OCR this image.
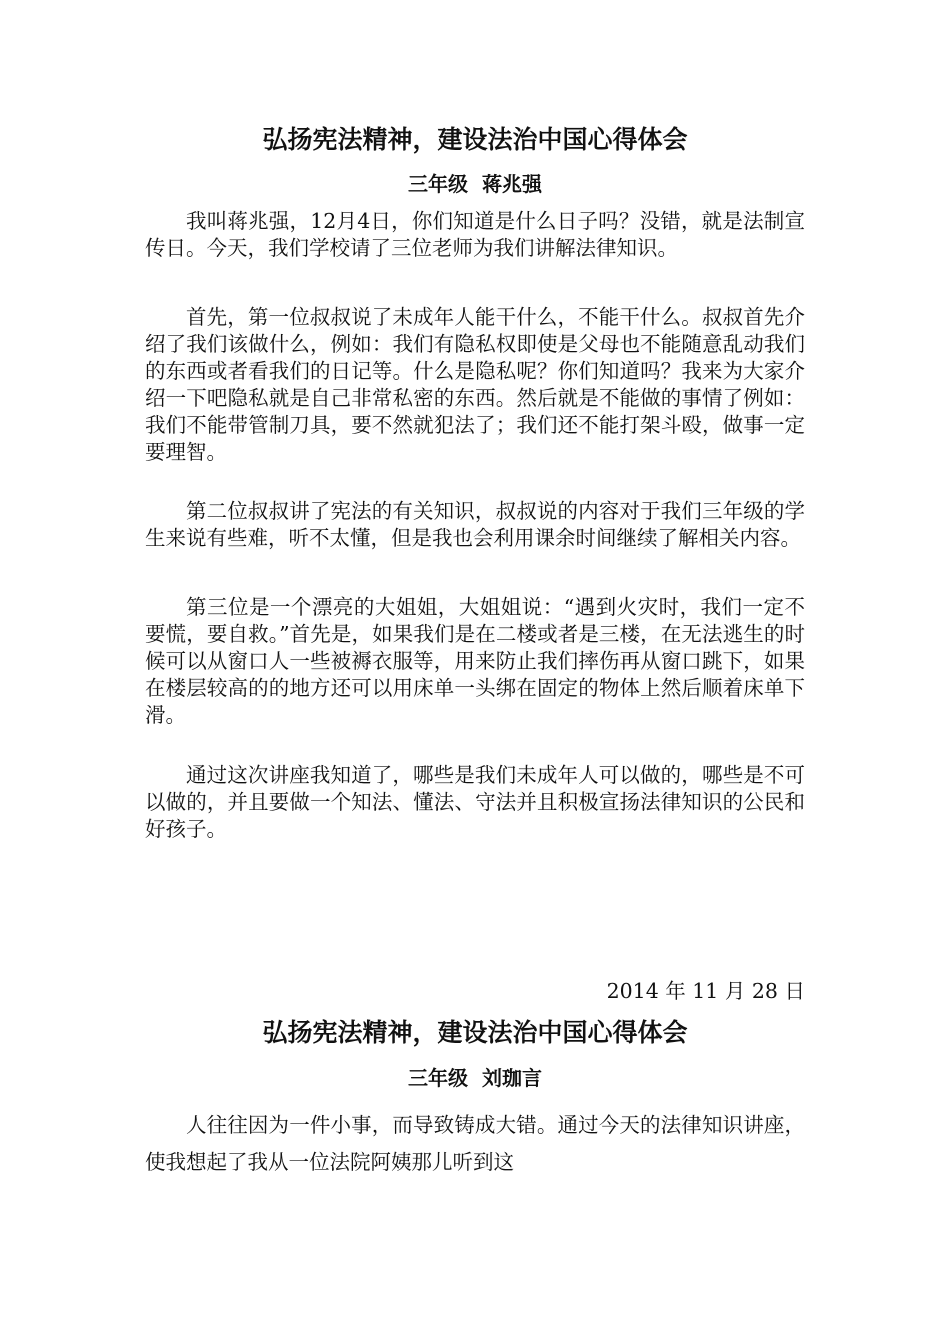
弘扬宪法精神，建设法治中国心得体会
三年级  蒋兆强

我叫蒋兆强，12月4日，你们知道是什么日子吗？没错，就是法制宣传日。今天，我们学校请了三位老师为我们讲解法律知识。

首先，第一位叔叔说了未成年人能干什么，不能干什么。叔叔首先介绍了我们该做什么，例如：我们有隐私权即使是父母也不能随意乱动我们的东西或者看我们的日记等。什么是隐私呢？你们知道吗？我来为大家介绍一下吧隐私就是自己非常私密的东西。然后就是不能做的事情了例如：我们不能带管制刀具，要不然就犯法了；我们还不能打架斗殴，做事一定要理智。

第二位叔叔讲了宪法的有关知识，叔叔说的内容对于我们三年级的学生来说有些难，听不太懂，但是我也会利用课余时间继续了解相关内容。

第三位是一个漂亮的大姐姐，大姐姐说：“遇到火灾时，我们一定不要慌，要自救。”首先是，如果我们是在二楼或者是三楼，在无法逃生的时候可以从窗口人一些被褥衣服等，用来防止我们摔伤再从窗口跳下，如果在楼层较高的的地方还可以用床单一头绑在固定的物体上然后顺着床单下滑。

通过这次讲座我知道了，哪些是我们未成年人可以做的，哪些是不可以做的，并且要做一个知法、懂法、守法并且积极宣扬法律知识的公民和好孩子。

2014 年 11 月 28 日
弘扬宪法精神，建设法治中国心得体会
三年级  刘珈言

人往往因为一件小事，而导致铸成大错。通过今天的法律知识讲座，使我想起了我从一位法院阿姨那儿听到这
